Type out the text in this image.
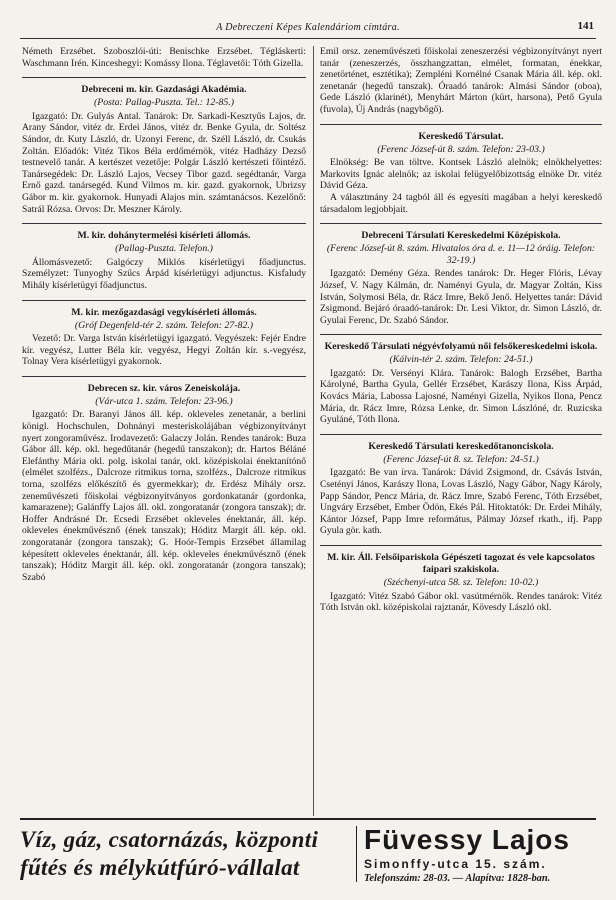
A Debreczeni Képes Kalendáriom címtára.	141

Németh Erzsébet. Szoboszlói-úti: Benischke Erzsébet. Tégláskerti: Waschmann Irén. Kinceshegyi: Komássy Ilona. Téglavetői: Tóth Gizella.

Debreceni m. kir. Gazdasági Akadémia.
(Posta: Pallag-Puszta. Tel.: 12-85.)

Igazgató: Dr. Gulyás Antal. Tanárok: Dr. Sarkadi-Kesztyűs Lajos, dr. Arany Sándor, vitéz dr. Erdei János, vitéz dr. Benke Gyula, dr. Soltész Sándor, dr. Kuty László, dr. Uzonyi Ferenc, dr. Széll László, dr. Csukás Zoltán. Előadók: Vitéz Tikos Béla erdőmérnök, vitéz Hadházy Dezső testnevelő tanár. A kertészet vezetője: Polgár László kertészeti főintéző. Tanársegédek: Dr. László Lajos, Vecsey Tibor gazd. segédtanár, Varga Ernő gazd. tanársegéd. Kund Vilmos m. kir. gazd. gyakornok, Ubrizsy Gábor m. kir. gyakornok. Hunyadi Alajos min. számtanácsos. Kezelőnő: Satrál Rózsa. Orvos: Dr. Meszner Károly.

M. kir. dohánytermelési kísérleti állomás.
(Pallag-Puszta. Telefon.)

Állomásvezető: Galgóczy Miklós kísérletügyi főadjunctus. Személyzet: Tunyoghy Szűcs Árpád kísérletügyi adjunctus. Kisfaludy Mihály kísérletügyi főadjunctus.

M. kir. mezőgazdasági vegykísérleti állomás.
(Gróf Degenfeld-tér 2. szám. Telefon: 27-82.)

Vezető: Dr. Varga István kísérletügyi igazgató. Vegyészek: Fejér Endre kír. vegyész, Lutter Béla kír. vegyész, Hegyi Zoltán kír. s.-vegyész, Tolnay Vera kísérletügyi gyakornok.

Debrecen sz. kir. város Zeneiskolája.
(Vár-utca 1. szám. Telefon: 23-96.)

Igazgató: Dr. Baranyi János áll. kép. okleveles zenetanár, a berlini königl. Hochschulen, Dohnányi mesteriskolájában végbizonyítványt nyert zongoraművész. Irodavezető: Galaczy Jolán. Rendes tanárok: Buza Gábor áll. kép. okl. hegedűtanár (hegedű tanszakon); dr. Hartos Béláné Elefánthy Mária okl. polg. iskolai tanár, okl. középiskolai énektanítónő (elmélet szolfézs., Dalcroze ritmikus torna, szolfézs., Dalcroze ritmikus torna, szolfézs előkészítő és gyermekkar); dr. Erdész Mihály orsz. zeneművészeti főiskolai végbizonyítványos gordonkatanár (gordonka, kamarazene); Galánffy Lajos áll. okl. zongoratanár (zongora tanszak); dr. Hoffer Andrásné Dr. Ecsedi Erzsébet okleveles énektanár, áll. kép. okleveles énekművésznő (ének tanszak); Hóditz Margit áll. kép. okl. zongoratanár (zongora tanszak); G. Hoór-Tempis Erzsébet államilag képesített okleveles énektanár, áll. kép. okleveles énekművésznő (ének tanszak); Hóditz Margit áll. kép. okl. zongoratanár (zongora tanszak); Szabó

Emil orsz. zeneművészeti főiskolai zeneszerzési végbizonyítványt nyert tanár (zeneszerzés, összhangzattan, elmélet, formatan, énekkar, zenetörténet, esztétika); Zempléni Kornélné Csanak Mária áll. kép. okl. zenetanár (hegedű tanszak). Óraadó tanárok: Almási Sándor (oboa), Gede László (klarinét), Menyhárt Márton (kürt, harsona), Pető Gyula (fuvola), Új András (nagybőgő).

Kereskedő Társulat.
(Ferenc József-út 8. szám. Telefon: 23-03.)

Elnökség: Be van töltve. Kontsek László alelnök; elnökhelyettes: Markovits Ignác alelnök; az iskolai felügyelőbizottság elnöke Dr. vitéz Dávid Géza.

A választmány 24 tagból áll és egyesíti magában a helyi kereskedő társadalom legjobbjait.

Debreceni Társulati Kereskedelmi Középiskola.
(Ferenc József-út 8. szám. Hivatalos óra d. e. 11—12 óráig. Telefon: 32-19.)

Igazgató: Demény Géza. Rendes tanárok: Dr. Heger Flóris, Lévay József, V. Nagy Kálmán, dr. Naményi Gyula, dr. Magyar Zoltán, Kiss István, Solymosi Béla, dr. Rácz Imre, Bekő Jenő. Helyettes tanár: Dávid Zsigmond. Bejáró óraadó-tanárok: Dr. Lesi Viktor, dr. Simon László, dr. Gyulai Ferenc, Dr. Szabó Sándor.

Kereskedő Társulati négyévfolyamú női felsőkereskedelmi iskola.
(Kálvin-tér 2. szám. Telefon: 24-51.)

Igazgató: Dr. Versényi Klára. Tanárok: Balogh Erzsébet, Bartha Károlyné, Bartha Gyula, Gellér Erzsébet, Karászy Ilona, Kiss Árpád, Kovács Mária, Labossa Lajosné, Naményi Gizella, Nyikos Ilona, Pencz Mária, dr. Rácz Imre, Rózsa Lenke, dr. Simon Lászlóné, dr. Ruzicska Gyuláné, Tóth Ilona.

Kereskedő Társulati kereskedőtanoncisk​ola.
(Ferenc József-út 8. sz. Telefon: 24-51.)

Igazgató: Be van írva. Tanárok: Dávid Zsigmond, dr. Csávás István, Csetényi János, Karászy Ilona, Lovas László, Nagy Gábor, Nagy Károly, Papp Sándor, Pencz Mária, dr. Rácz Imre, Szabó Ferenc, Tóth Erzsébet, Ungváry Erzsébet, Ember Ödön, Ekés Pál. Hitoktatók: Dr. Erdei Mihály, Kántor József, Papp Imre református, Pálmay József rkath., ifj. Papp Gyula gör. kath.

M. kir. Áll. Felsőipariskola Gépészeti tagozat és vele kapcsolatos faipari szakiskola.
(Széchenyi-utca 58. sz. Telefon: 10-02.)

Igazgató: Vitéz Szabó Gábor okl. vasútmérnök. Rendes tanárok: Vitéz Tóth István okl. középiskolai rajztanár, Kövesdy László okl.

Víz, gáz, csatornázás, központi
fűtés és mélykútfúró-vállalat
Füvessy Lajos
Simonffy-utca 15. szám.
Telefonszám: 28-03. — Alapítva: 1828-ban.
